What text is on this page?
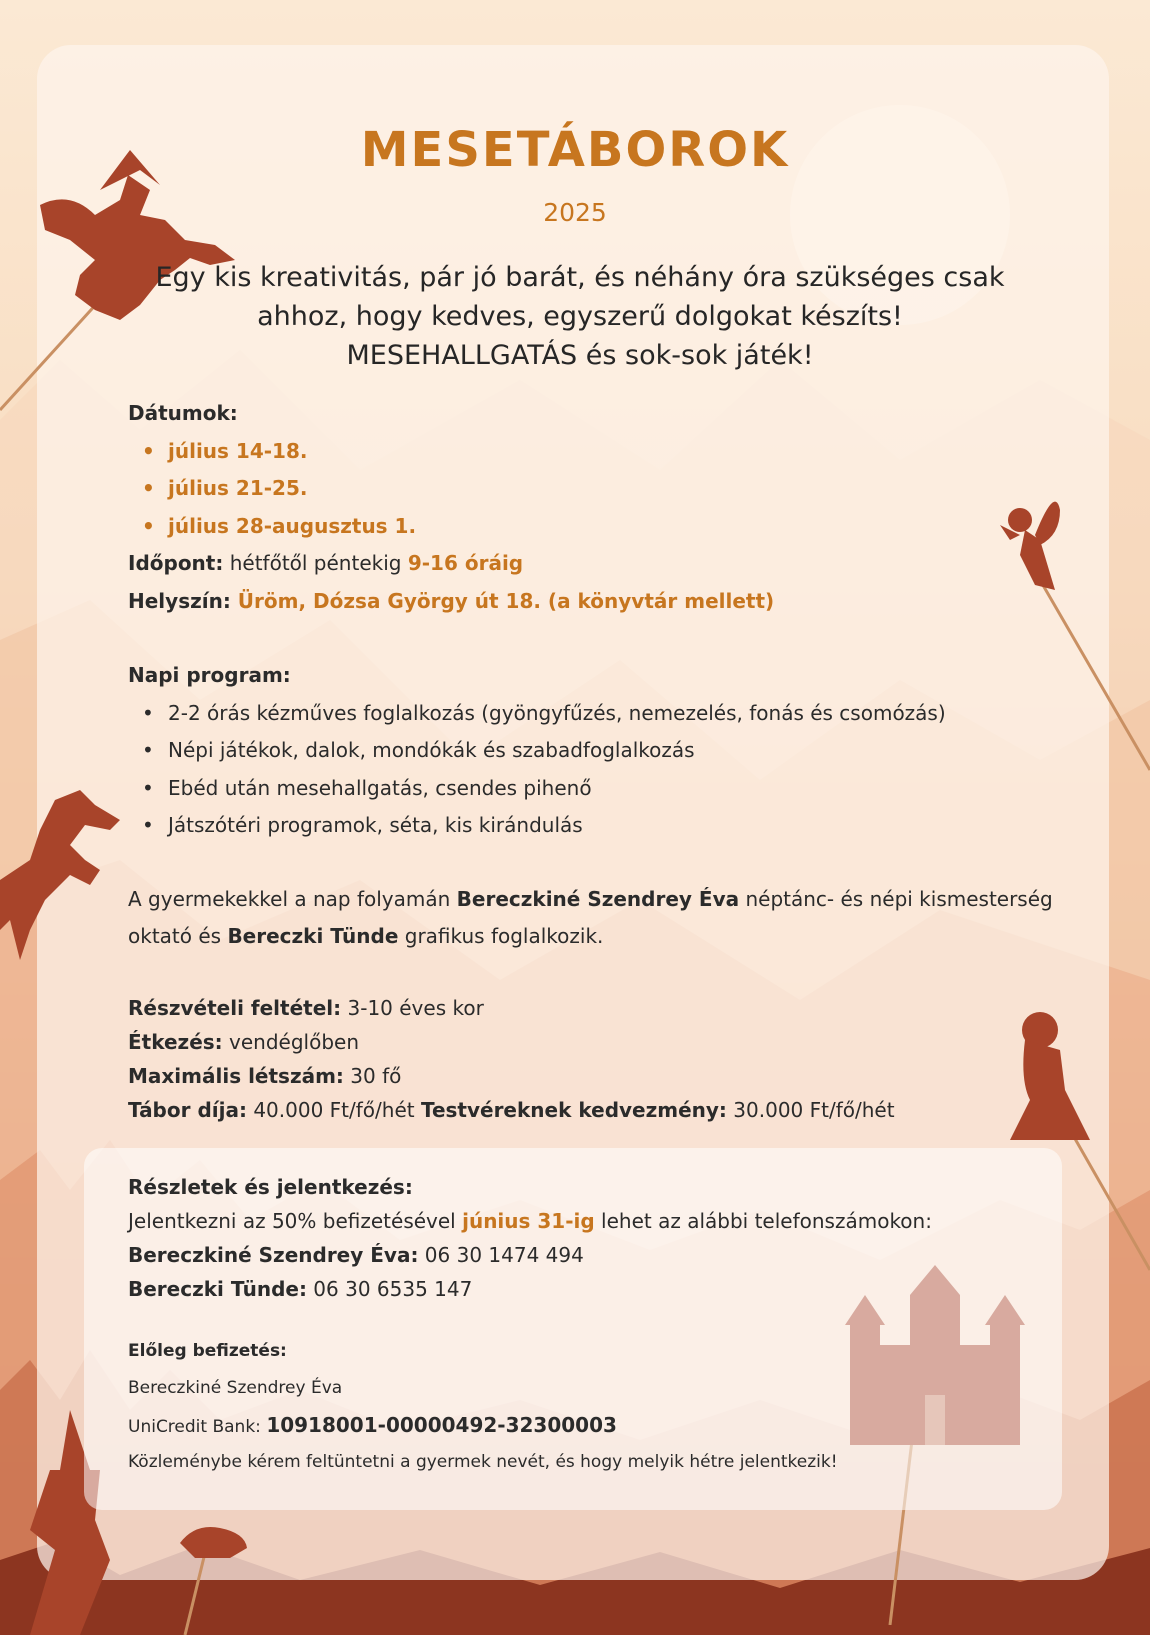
MESETÁBOROK
2025

Egy kis kreativitás, pár jó barát, és néhány óra szükséges csak
ahhoz, hogy kedves, egyszerű dolgokat készíts!
MESEHALLGATÁS és sok-sok játék!

Dátumok:
• július 14-18.
• július 21-25.
• július 28-augusztus 1.
Időpont: hétfőtől péntekig 9-16 óráig
Helyszín: Üröm, Dózsa György út 18. (a könyvtár mellett)
Napi program:
• 2-2 órás kézműves foglalkozás (gyöngyfűzés, nemezelés, fonás és csomózás)
• Népi játékok, dalok, mondókák és szabadfoglalkozás
• Ebéd után mesehallgatás, csendes pihenő
• Játszótéri programok, séta, kis kirándulás
A gyermekekkel a nap folyamán Bereczkiné Szendrey Éva néptánc- és népi kismesterség
oktató és Bereczki Tünde grafikus foglalkozik.
Részvételi feltétel: 3-10 éves kor
Étkezés: vendéglőben
Maximális létszám: 30 fő
Tábor díja: 40.000 Ft/fő/hét Testvéreknek kedvezmény: 30.000 Ft/fő/hét
Részletek és jelentkezés:
Jelentkezni az 50% befizetésével június 31-ig lehet az alábbi telefonszámokon:
Bereczkiné Szendrey Éva: 06 30 1474 494
Bereczki Tünde: 06 30 6535 147
Előleg befizetés:
Bereczkiné Szendrey Éva
UniCredit Bank: 10918001-00000492-32300003
Közleménybe kérem feltüntetni a gyermek nevét, és hogy melyik hétre jelentkezik!
